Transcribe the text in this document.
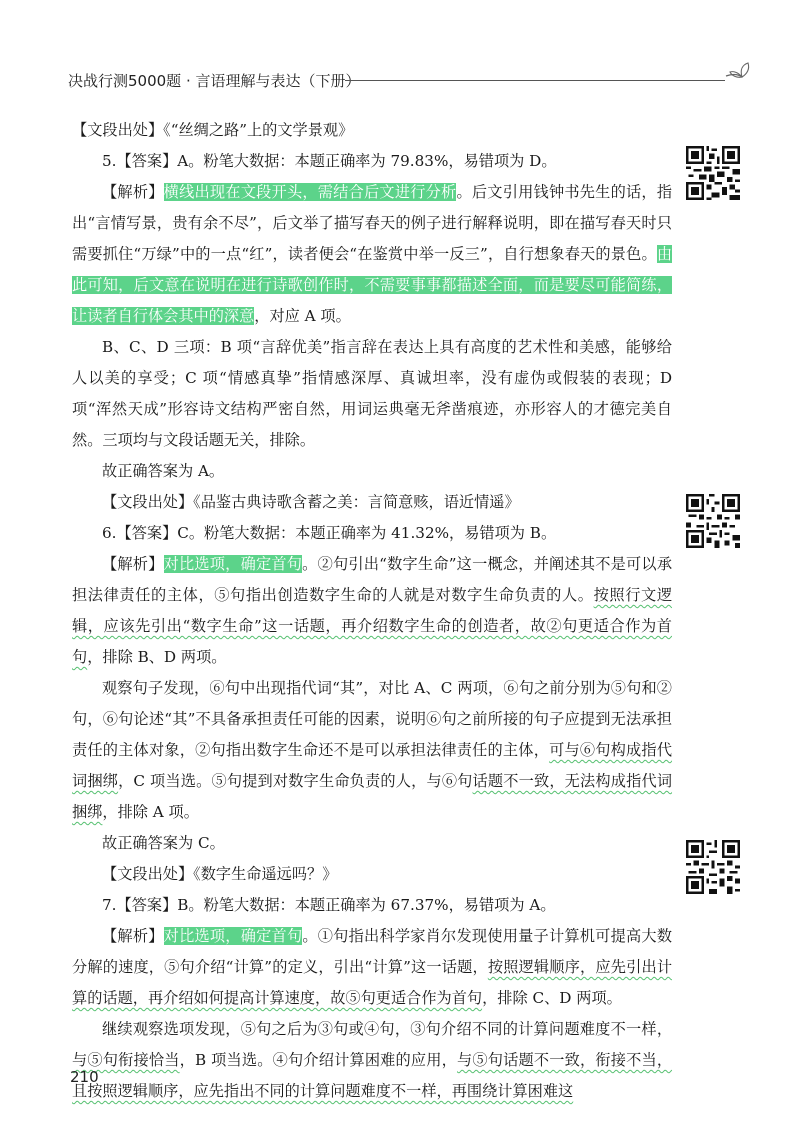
决战行测5000题 · 言语理解与表达（下册）

【文段出处】《“丝绸之路”上的文学景观》

5.【答案】A。粉笔大数据：本题正确率为 79.83%，易错项为 D。

【解析】横线出现在文段开头，需结合后文进行分析。后文引用钱钟书先生的话，指出“言情写景，贵有余不尽”，后文举了描写春天的例子进行解释说明，即在描写春天时只需要抓住“万绿”中的一点“红”，读者便会“在鉴赏中举一反三”，自行想象春天的景色。由此可知，后文意在说明在进行诗歌创作时，不需要事事都描述全面，而是要尽可能简练，让读者自行体会其中的深意，对应 A 项。

B、C、D 三项：B 项“言辞优美”指言辞在表达上具有高度的艺术性和美感，能够给人以美的享受；C 项“情感真挚”指情感深厚、真诚坦率，没有虚伪或假装的表现；D 项“浑然天成”形容诗文结构严密自然，用词运典毫无斧凿痕迹，亦形容人的才德完美自然。三项均与文段话题无关，排除。

故正确答案为 A。

【文段出处】《品鉴古典诗歌含蓄之美：言简意赅，语近情遥》

6.【答案】C。粉笔大数据：本题正确率为 41.32%，易错项为 B。

【解析】对比选项，确定首句。②句引出“数字生命”这一概念，并阐述其不是可以承担法律责任的主体，⑤句指出创造数字生命的人就是对数字生命负责的人。按照行文逻辑，应该先引出“数字生命”这一话题，再介绍数字生命的创造者，故②句更适合作为首句，排除 B、D 两项。

观察句子发现，⑥句中出现指代词“其”，对比 A、C 两项，⑥句之前分别为⑤句和②句，⑥句论述“其”不具备承担责任可能的因素，说明⑥句之前所接的句子应提到无法承担责任的主体对象，②句指出数字生命还不是可以承担法律责任的主体，可与⑥句构成指代词捆绑，C 项当选。⑤句提到对数字生命负责的人，与⑥句话题不一致，无法构成指代词捆绑，排除 A 项。

故正确答案为 C。

【文段出处】《数字生命遥远吗？》

7.【答案】B。粉笔大数据：本题正确率为 67.37%，易错项为 A。

【解析】对比选项，确定首句。①句指出科学家肖尔发现使用量子计算机可提高大数分解的速度，⑤句介绍“计算”的定义，引出“计算”这一话题，按照逻辑顺序，应先引出计算的话题，再介绍如何提高计算速度，故⑤句更适合作为首句，排除 C、D 两项。

继续观察选项发现，⑤句之后为③句或④句，③句介绍不同的计算问题难度不一样，与⑤句衔接恰当，B 项当选。④句介绍计算困难的应用，与⑤句话题不一致，衔接不当，且按照逻辑顺序，应先指出不同的计算问题难度不一样，再围绕计算困难这

210
